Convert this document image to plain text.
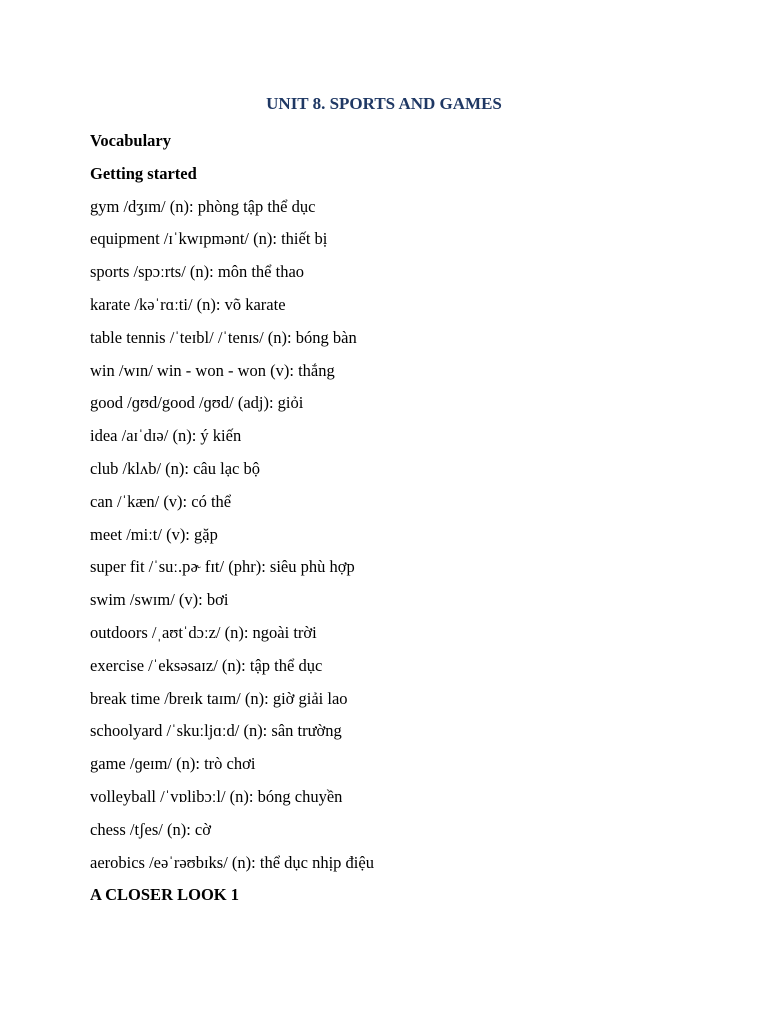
UNIT 8. SPORTS AND GAMES
Vocabulary
Getting started
gym /dʒɪm/ (n): phòng tập thể dục
equipment /ɪˈkwɪpmənt/ (n): thiết bị
sports /spɔːrts/ (n): môn thể thao
karate /kəˈrɑːti/ (n): võ karate
table tennis /ˈteɪbl/ /ˈtenɪs/ (n): bóng bàn
win /wɪn/ win - won - won (v): thắng
good /ɡʊd/good /ɡʊd/ (adj): giỏi
idea /aɪˈdɪə/ (n): ý kiến
club /klʌb/ (n): câu lạc bộ
can /ˈkæn/ (v): có thể
meet /miːt/ (v): gặp
super fit /ˈsuː.pɚ fɪt/ (phr): siêu phù hợp
swim /swɪm/ (v): bơi
outdoors /ˌaʊtˈdɔːz/ (n): ngoài trời
exercise /ˈeksəsaɪz/ (n): tập thể dục
break time /breɪk taɪm/ (n): giờ giải lao
schoolyard /ˈskuːljɑːd/ (n): sân trường
game /ɡeɪm/ (n): trò chơi
volleyball /ˈvɒlibɔːl/ (n): bóng chuyền
chess /tʃes/ (n): cờ
aerobics /eəˈrəʊbɪks/ (n): thể dục nhịp điệu
A CLOSER LOOK 1
